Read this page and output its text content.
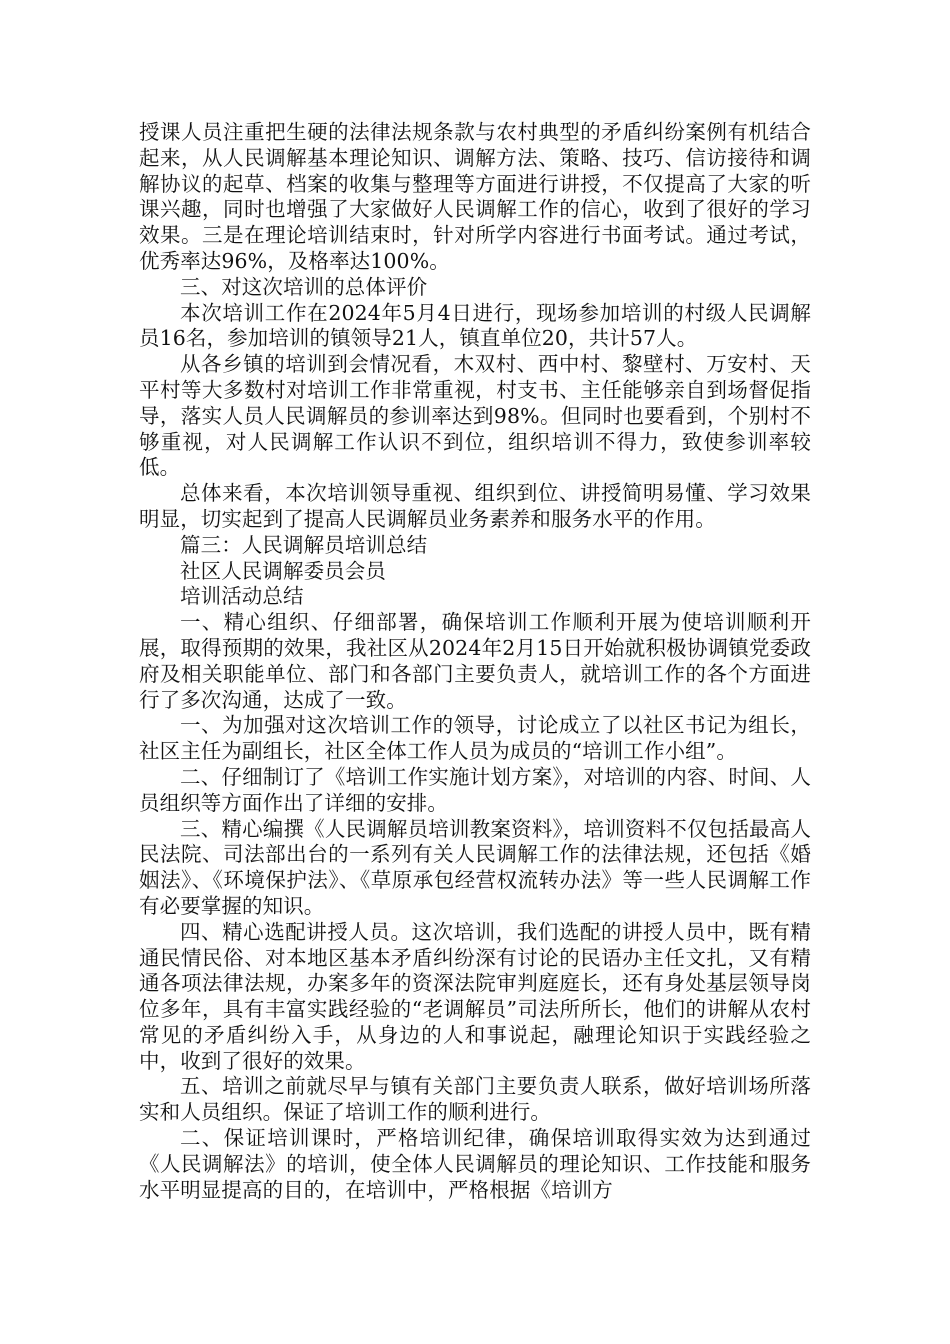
授课人员注重把生硬的法律法规条款与农村典型的矛盾纠纷案例有机结合起来，从人民调解基本理论知识、调解方法、策略、技巧、信访接待和调解协议的起草、档案的收集与整理等方面进行讲授，不仅提高了大家的听课兴趣，同时也增强了大家做好人民调解工作的信心，收到了很好的学习效果。三是在理论培训结束时，针对所学内容进行书面考试。通过考试，优秀率达96%，及格率达100%。

三、对这次培训的总体评价

本次培训工作在2024年5月4日进行，现场参加培训的村级人民调解员16名，参加培训的镇领导21人，镇直单位20，共计57人。

从各乡镇的培训到会情况看，木双村、西中村、黎壁村、万安村、天平村等大多数村对培训工作非常重视，村支书、主任能够亲自到场督促指导，落实人员人民调解员的参训率达到98%。但同时也要看到，个别村不够重视，对人民调解工作认识不到位，组织培训不得力，致使参训率较低。

总体来看，本次培训领导重视、组织到位、讲授简明易懂、学习效果明显，切实起到了提高人民调解员业务素养和服务水平的作用。

篇三：人民调解员培训总结

社区人民调解委员会员

培训活动总结

一、精心组织、仔细部署，确保培训工作顺利开展为使培训顺利开展，取得预期的效果，我社区从2024年2月15日开始就积极协调镇党委政府及相关职能单位、部门和各部门主要负责人，就培训工作的各个方面进行了多次沟通，达成了一致。

一、为加强对这次培训工作的领导，讨论成立了以社区书记为组长，社区主任为副组长，社区全体工作人员为成员的“培训工作小组”。

二、仔细制订了《培训工作实施计划方案》，对培训的内容、时间、人员组织等方面作出了详细的安排。

三、精心编撰《人民调解员培训教案资料》，培训资料不仅包括最高人民法院、司法部出台的一系列有关人民调解工作的法律法规，还包括《婚姻法》、《环境保护法》、《草原承包经营权流转办法》等一些人民调解工作有必要掌握的知识。

四、精心选配讲授人员。这次培训，我们选配的讲授人员中，既有精通民情民俗、对本地区基本矛盾纠纷深有讨论的民语办主任文扎，又有精通各项法律法规，办案多年的资深法院审判庭庭长，还有身处基层领导岗位多年，具有丰富实践经验的“老调解员”司法所所长，他们的讲解从农村常见的矛盾纠纷入手，从身边的人和事说起，融理论知识于实践经验之中，收到了很好的效果。

五、培训之前就尽早与镇有关部门主要负责人联系，做好培训场所落实和人员组织。保证了培训工作的顺利进行。

二、保证培训课时，严格培训纪律，确保培训取得实效为达到通过《人民调解法》的培训，使全体人民调解员的理论知识、工作技能和服务水平明显提高的目的，在培训中，严格根据《培训方
